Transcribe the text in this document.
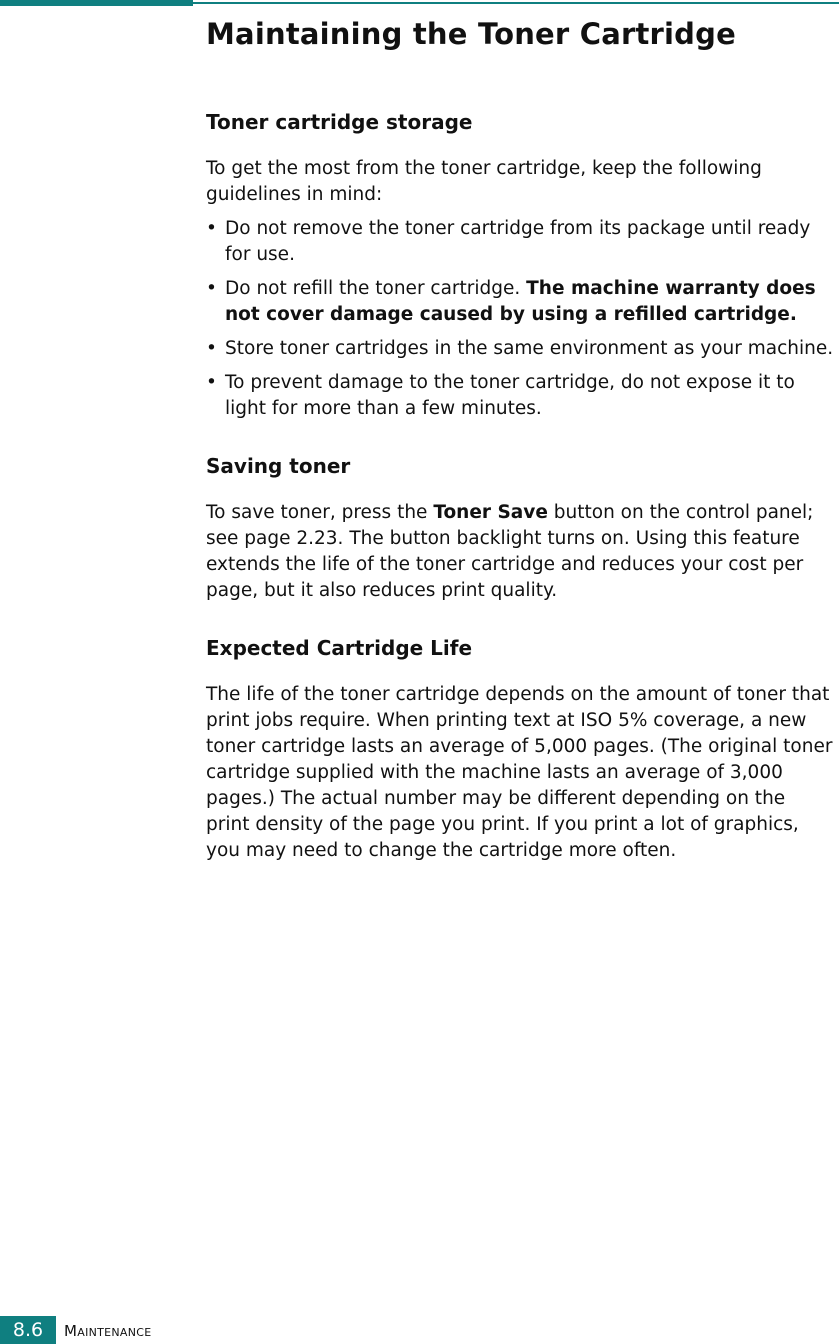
Maintaining the Toner Cartridge
Toner cartridge storage

To get the most from the toner cartridge, keep the following guidelines in mind:

• Do not remove the toner cartridge from its package until ready for use.
• Do not refill the toner cartridge. The machine warranty does not cover damage caused by using a refilled cartridge.
• Store toner cartridges in the same environment as your machine.
• To prevent damage to the toner cartridge, do not expose it to light for more than a few minutes.
Saving toner

To save toner, press the Toner Save button on the control panel; see page 2.23. The button backlight turns on. Using this feature extends the life of the toner cartridge and reduces your cost per page, but it also reduces print quality.

Expected Cartridge Life

The life of the toner cartridge depends on the amount of toner that print jobs require. When printing text at ISO 5% coverage, a new toner cartridge lasts an average of 5,000 pages. (The original toner cartridge supplied with the machine lasts an average of 3,000 pages.) The actual number may be different depending on the print density of the page you print. If you print a lot of graphics, you may need to change the cartridge more often.

8.6	Maintenance
